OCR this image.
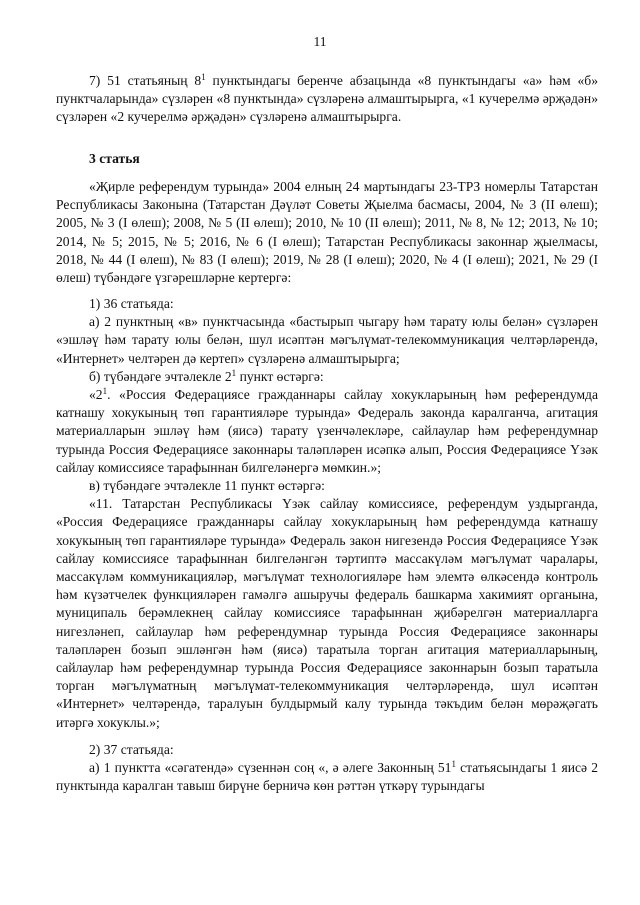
11

7) 51 статьяның $8^1$ пунктындагы беренче абзацында «8 пунктындагы «а» һәм «б» пунктчаларында» сүзләрен «8 пунктында» сүзләренә алмаштырырга, «1 кучерелмә әрҗәдән» сүзләрен «2 кучерелмә әрҗәдән» сүзләренә алмаштырырга.

3 статья

«Җирле референдум турында» 2004 елның 24 мартындагы 23-ТРЗ номерлы Татарстан Республикасы Законына (Татарстан Дәүләт Советы Җыелма басмасы, 2004, № 3 (II өлеш); 2005, № 3 (I өлеш); 2008, № 5 (II өлеш); 2010, № 10 (II өлеш); 2011, № 8, № 12; 2013, № 10; 2014, № 5; 2015, № 5; 2016, № 6 (I өлеш); Татарстан Республикасы законнар җыелмасы, 2018, № 44 (I өлеш), № 83 (I өлеш); 2019, № 28 (I өлеш); 2020, № 4 (I өлеш); 2021, № 29 (I өлеш) түбәндәге үзгәрешләрне кертергә:

1) 36 статьяда:

а) 2 пунктның «в» пунктчасында «бастырып чыгару һәм тарату юлы белән» сүзләрен «эшләү һәм тарату юлы белән, шул исәптән мәгълүмат-телекоммуникация челтәрләрендә, «Интернет» челтәрен дә кертеп» сүзләренә алмаштырырга;

б) түбәндәге эчтәлекле $2^1$ пункт өстәргә:

«$2^1$. «Россия Федерациясе гражданнары сайлау хокукларының һәм референдумда катнашу хокукының төп гарантияләре турында» Федераль законда каралганча, агитация материалларын эшләү һәм (яисә) тарату үзенчәлекләре, сайлаулар һәм референдумнар турында Россия Федерациясе законнары таләпләрен исәпкә алып, Россия Федерациясе Үзәк сайлау комиссиясе тарафыннан билгеләнергә мөмкин.»;

в) түбәндәге эчтәлекле 11 пункт өстәргә:

«11. Татарстан Республикасы Үзәк сайлау комиссиясе, референдум уздырганда, «Россия Федерациясе гражданнары сайлау хокукларының һәм референдумда катнашу хокукының төп гарантияләре турында» Федераль закон нигезендә Россия Федерациясе Үзәк сайлау комиссиясе тарафыннан билгеләнгән тәртиптә массакүләм мәгълүмат чаралары, массакүләм коммуникацияләр, мәгълүмат технологияләре һәм элемтә өлкәсендә контроль һәм күзәтчелек функцияләрен гамәлгә ашыручы федераль башкарма хакимият органына, муниципаль берәмлекнең сайлау комиссиясе тарафыннан җибәрелгән материалларга нигезләнеп, сайлаулар һәм референдумнар турында Россия Федерациясе законнары таләпләрен бозып эшләнгән һәм (яисә) таратыла торган агитация материалларының, сайлаулар һәм референдумнар турында Россия Федерациясе законнарын бозып таратыла торган мәгълүматның мәгълүмат-телекоммуникация челтәрләрендә, шул исәптән «Интернет» челтәрендә, таралуын булдырмый калу турында тәкъдим белән мөрәҗәгать итәргә хокуклы.»;

2) 37 статьяда:

а) 1 пунктта «сәгатендә» сүзеннән соң «, ә әлеге Законның $51^1$ статьясындагы 1 яисә 2 пунктында каралган тавыш бирүне берничә көн рәттән үткәрү турындагы
